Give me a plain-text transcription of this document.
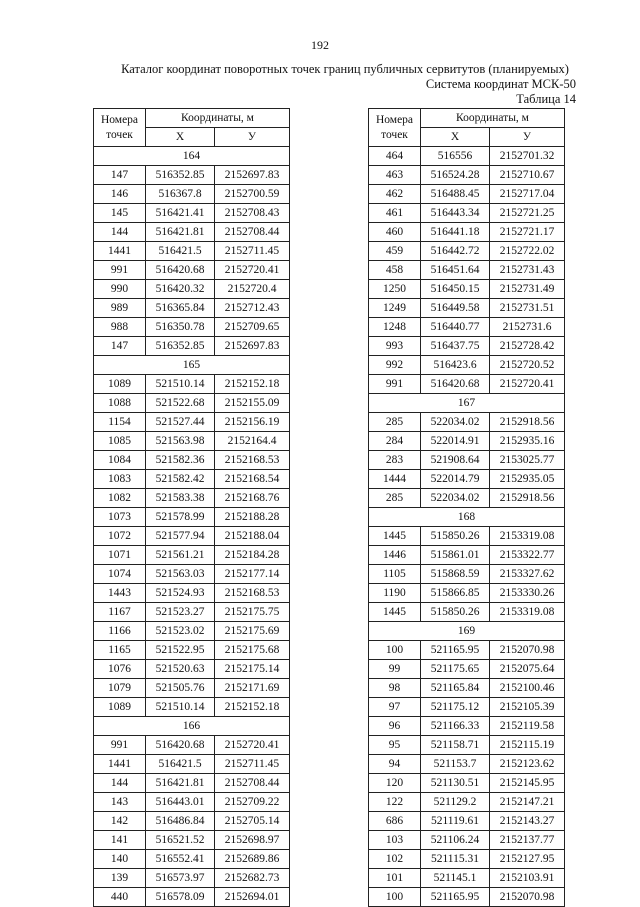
192
Каталог координат поворотных точек границ публичных сервитутов (планируемых)
Система координат МСК-50
Таблица 14
Номера
точек	Координаты, м	
	X	У
164		
147	516352.85	2152697.83
146	516367.8	2152700.59
145	516421.41	2152708.43
144	516421.81	2152708.44
1441	516421.5	2152711.45
991	516420.68	2152720.41
990	516420.32	2152720.4
989	516365.84	2152712.43
988	516350.78	2152709.65
147	516352.85	2152697.83
165		
1089	521510.14	2152152.18
1088	521522.68	2152155.09
1154	521527.44	2152156.19
1085	521563.98	2152164.4
1084	521582.36	2152168.53
1083	521582.42	2152168.54
1082	521583.38	2152168.76
1073	521578.99	2152188.28
1072	521577.94	2152188.04
1071	521561.21	2152184.28
1074	521563.03	2152177.14
1443	521524.93	2152168.53
1167	521523.27	2152175.75
1166	521523.02	2152175.69
1165	521522.95	2152175.68
1076	521520.63	2152175.14
1079	521505.76	2152171.69
1089	521510.14	2152152.18
166		
991	516420.68	2152720.41
1441	516421.5	2152711.45
144	516421.81	2152708.44
143	516443.01	2152709.22
142	516486.84	2152705.14
141	516521.52	2152698.97
140	516552.41	2152689.86
139	516573.97	2152682.73
440	516578.09	2152694.01
Номера
точек	Координаты, м	
	X	У
464	516556	2152701.32
463	516524.28	2152710.67
462	516488.45	2152717.04
461	516443.34	2152721.25
460	516441.18	2152721.17
459	516442.72	2152722.02
458	516451.64	2152731.43
1250	516450.15	2152731.49
1249	516449.58	2152731.51
1248	516440.77	2152731.6
993	516437.75	2152728.42
992	516423.6	2152720.52
991	516420.68	2152720.41
167		
285	522034.02	2152918.56
284	522014.91	2152935.16
283	521908.64	2153025.77
1444	522014.79	2152935.05
285	522034.02	2152918.56
168		
1445	515850.26	2153319.08
1446	515861.01	2153322.77
1105	515868.59	2153327.62
1190	515866.85	2153330.26
1445	515850.26	2153319.08
169		
100	521165.95	2152070.98
99	521175.65	2152075.64
98	521165.84	2152100.46
97	521175.12	2152105.39
96	521166.33	2152119.58
95	521158.71	2152115.19
94	521153.7	2152123.62
120	521130.51	2152145.95
122	521129.2	2152147.21
686	521119.61	2152143.27
103	521106.24	2152137.77
102	521115.31	2152127.95
101	521145.1	2152103.91
100	521165.95	2152070.98
